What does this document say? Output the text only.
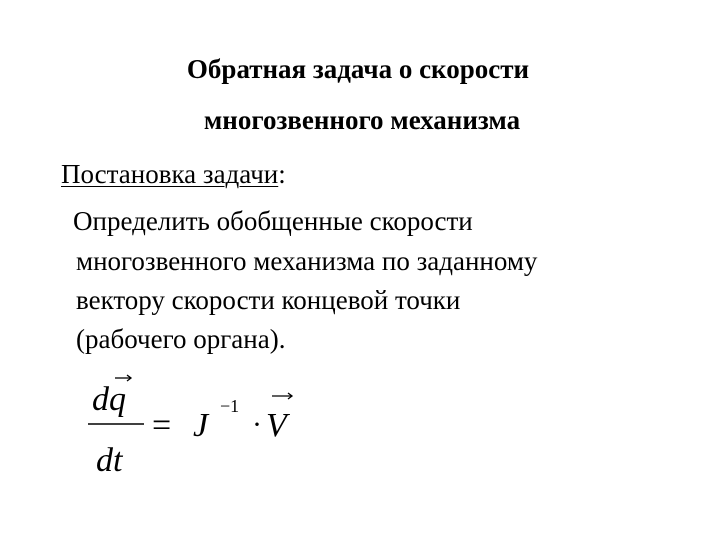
Обратная задача о скорости
многозвенного механизма
Постановка задачи:
Определить обобщенные скорости
многозвенного механизма по заданному
вектору скорости концевой точки
(рабочего органа).
dq
dt
= J
−1
· V
